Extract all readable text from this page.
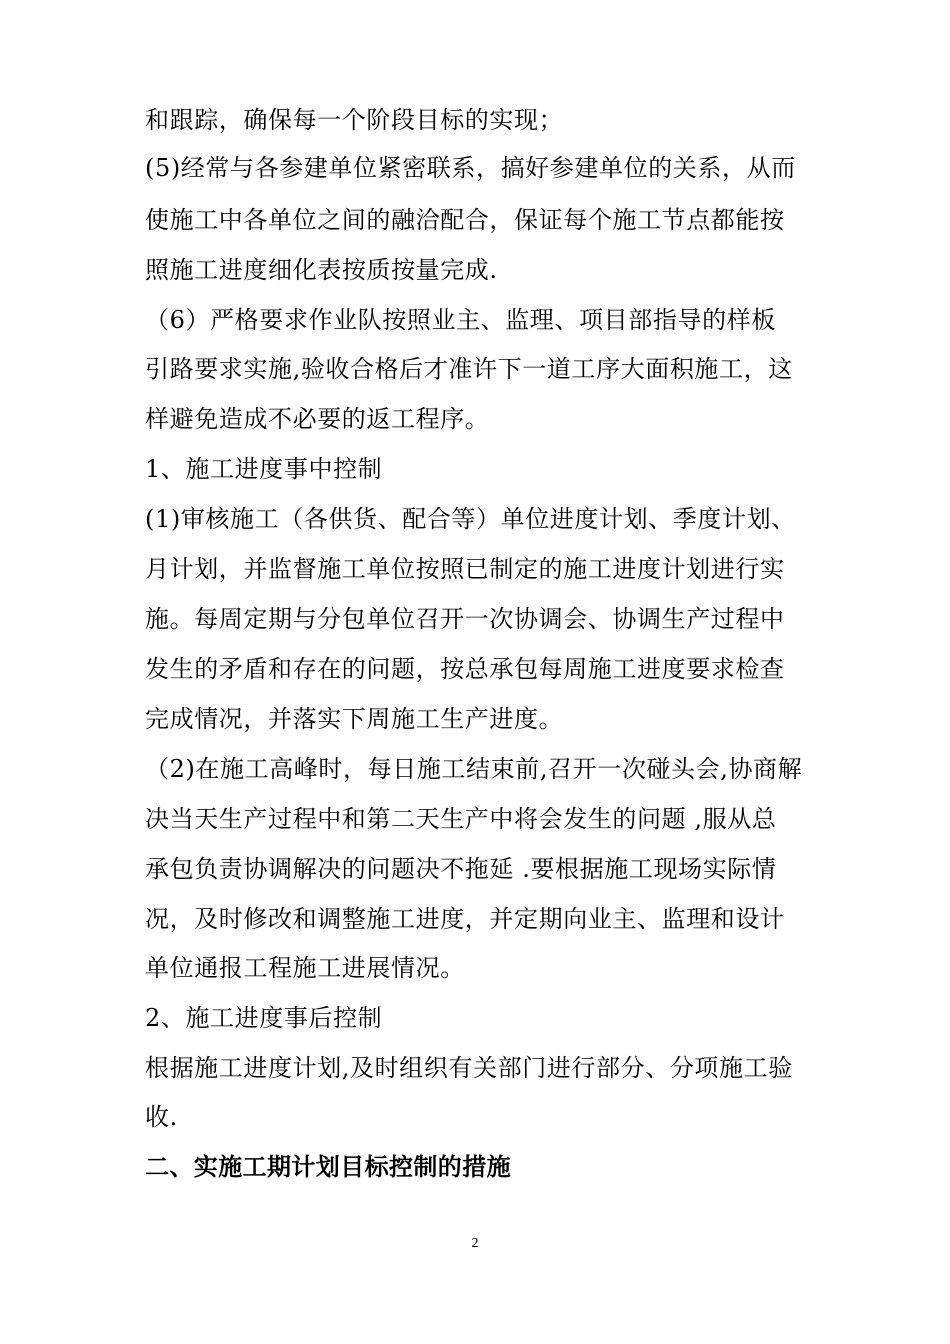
和跟踪，确保每一个阶段目标的实现；
(5)经常与各参建单位紧密联系，搞好参建单位的关系，从而
使施工中各单位之间的融洽配合，保证每个施工节点都能按
照施工进度细化表按质按量完成.
（6）严格要求作业队按照业主、监理、项目部指导的样板
引路要求实施,验收合格后才准许下一道工序大面积施工，这
样避免造成不必要的返工程序。
1、施工进度事中控制
(1)审核施工（各供货、配合等）单位进度计划、季度计划、
月计划，并监督施工单位按照已制定的施工进度计划进行实
施。每周定期与分包单位召开一次协调会、协调生产过程中
发生的矛盾和存在的问题，按总承包每周施工进度要求检查
完成情况，并落实下周施工生产进度。
（2)在施工高峰时，每日施工结束前,召开一次碰头会,协商解
决当天生产过程中和第二天生产中将会发生的问题 ,服从总
承包负责协调解决的问题决不拖延 .要根据施工现场实际情
况，及时修改和调整施工进度，并定期向业主、监理和设计
单位通报工程施工进展情况。
2、施工进度事后控制
根据施工进度计划,及时组织有关部门进行部分、分项施工验
收.
二、实施工期计划目标控制的措施
2
